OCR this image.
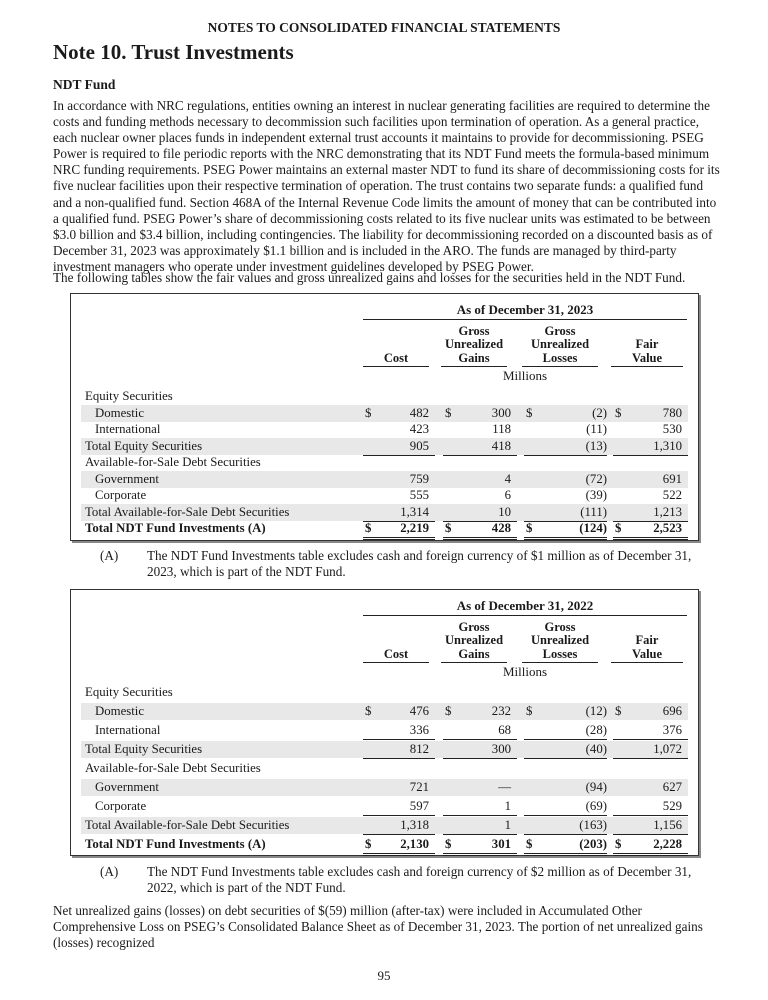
NOTES TO CONSOLIDATED FINANCIAL STATEMENTS
Note 10. Trust Investments
NDT Fund
In accordance with NRC regulations, entities owning an interest in nuclear generating facilities are required to determine the costs and funding methods necessary to decommission such facilities upon termination of operation. As a general practice, each nuclear owner places funds in independent external trust accounts it maintains to provide for decommissioning. PSEG Power is required to file periodic reports with the NRC demonstrating that its NDT Fund meets the formula-based minimum NRC funding requirements. PSEG Power maintains an external master NDT to fund its share of decommissioning costs for its five nuclear facilities upon their respective termination of operation. The trust contains two separate funds: a qualified fund and a non-qualified fund. Section 468A of the Internal Revenue Code limits the amount of money that can be contributed into a qualified fund. PSEG Power’s share of decommissioning costs related to its five nuclear units was estimated to be between $3.0 billion and $3.4 billion, including contingencies. The liability for decommissioning recorded on a discounted basis as of December 31, 2023 was approximately $1.1 billion and is included in the ARO. The funds are managed by third-party investment managers who operate under investment guidelines developed by PSEG Power.
The following tables show the fair values and gross unrealized gains and losses for the securities held in the NDT Fund.
As of December 31, 2023
Cost
Gross
Unrealized
Gains
Gross
Unrealized
Losses
Fair
Value
Millions
Equity Securities
Domestic	$	482 $	300 $	(2) $	780
International	423	118	(11)	530
Total Equity Securities	905	418	(13)	1,310
Available-for-Sale Debt Securities
Government	759	4	(72)	691
Corporate	555	6	(39)	522
Total Available-for-Sale Debt Securities	1,314	10	(111)	1,213
Total NDT Fund Investments (A)	$ 2,219 $	428 $	(124) $ 2,523
(A) The NDT Fund Investments table excludes cash and foreign currency of $1 million as of December 31, 2023, which is part of the NDT Fund.
As of December 31, 2022
Cost
Gross
Unrealized
Gains
Gross
Unrealized
Losses
Fair
Value
Millions
Equity Securities
Domestic	$	476 $	232 $	(12) $	696
International	336	68	(28)	376
Total Equity Securities	812	300	(40)	1,072
Available-for-Sale Debt Securities
Government	721	—	(94)	627
Corporate	597	1	(69)	529
Total Available-for-Sale Debt Securities	1,318	1	(163)	1,156
Total NDT Fund Investments (A)	$ 2,130 $	301 $	(203) $ 2,228
(A) The NDT Fund Investments table excludes cash and foreign currency of $2 million as of December 31, 2022, which is part of the NDT Fund.
Net unrealized gains (losses) on debt securities of $(59) million (after-tax) were included in Accumulated Other Comprehensive Loss on PSEG’s Consolidated Balance Sheet as of December 31, 2023. The portion of net unrealized gains (losses) recognized
95
